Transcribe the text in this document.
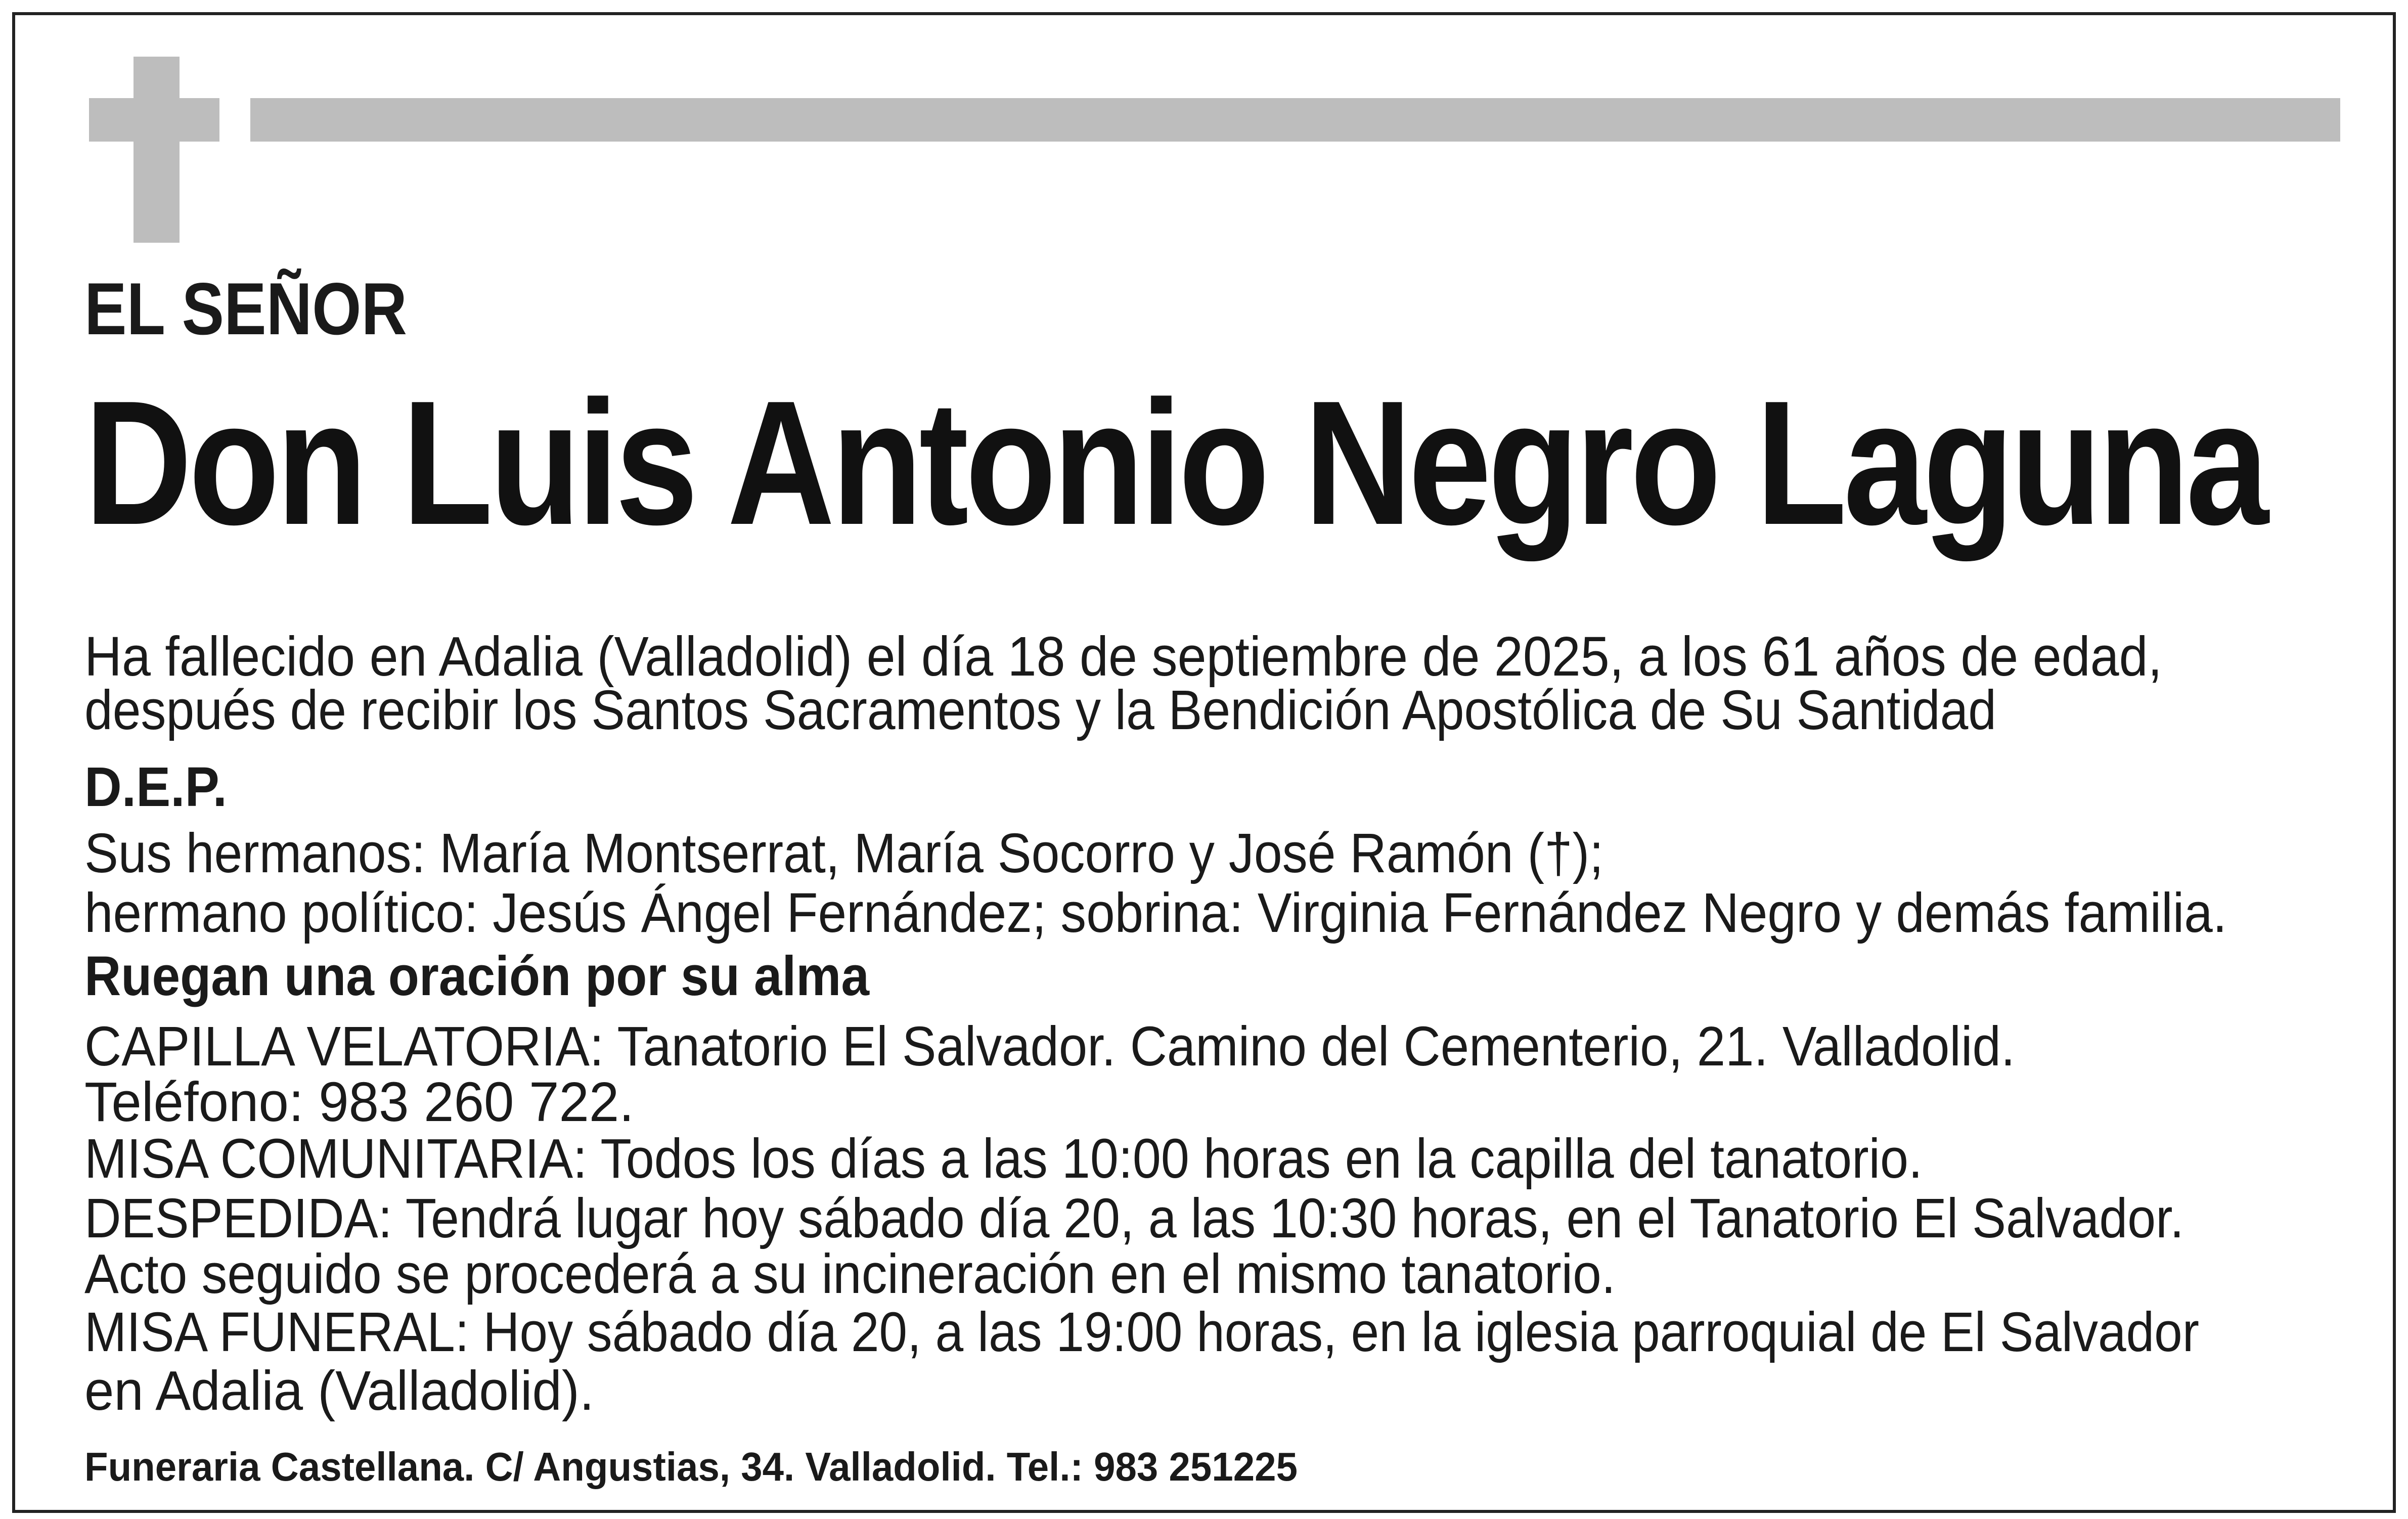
EL SEÑOR
Don Luis Antonio Negro Laguna
Ha fallecido en Adalia (Valladolid) el día 18 de septiembre de 2025, a los 61 años de edad,
después de recibir los Santos Sacramentos y la Bendición Apostólica de Su Santidad
D.E.P.
Sus hermanos: María Montserrat, María Socorro y José Ramón (†);
hermano político: Jesús Ángel Fernández; sobrina: Virginia Fernández Negro y demás familia.
Ruegan una oración por su alma
CAPILLA VELATORIA: Tanatorio El Salvador. Camino del Cementerio, 21. Valladolid.
Teléfono: 983 260 722.
MISA COMUNITARIA: Todos los días a las 10:00 horas en la capilla del tanatorio.
DESPEDIDA: Tendrá lugar hoy sábado día 20, a las 10:30 horas, en el Tanatorio El Salvador.
Acto seguido se procederá a su incineración en el mismo tanatorio.
MISA FUNERAL: Hoy sábado día 20, a las 19:00 horas, en la iglesia parroquial de El Salvador
en Adalia (Valladolid).
Funeraria Castellana. C/ Angustias, 34. Valladolid. Tel.: 983 251225
